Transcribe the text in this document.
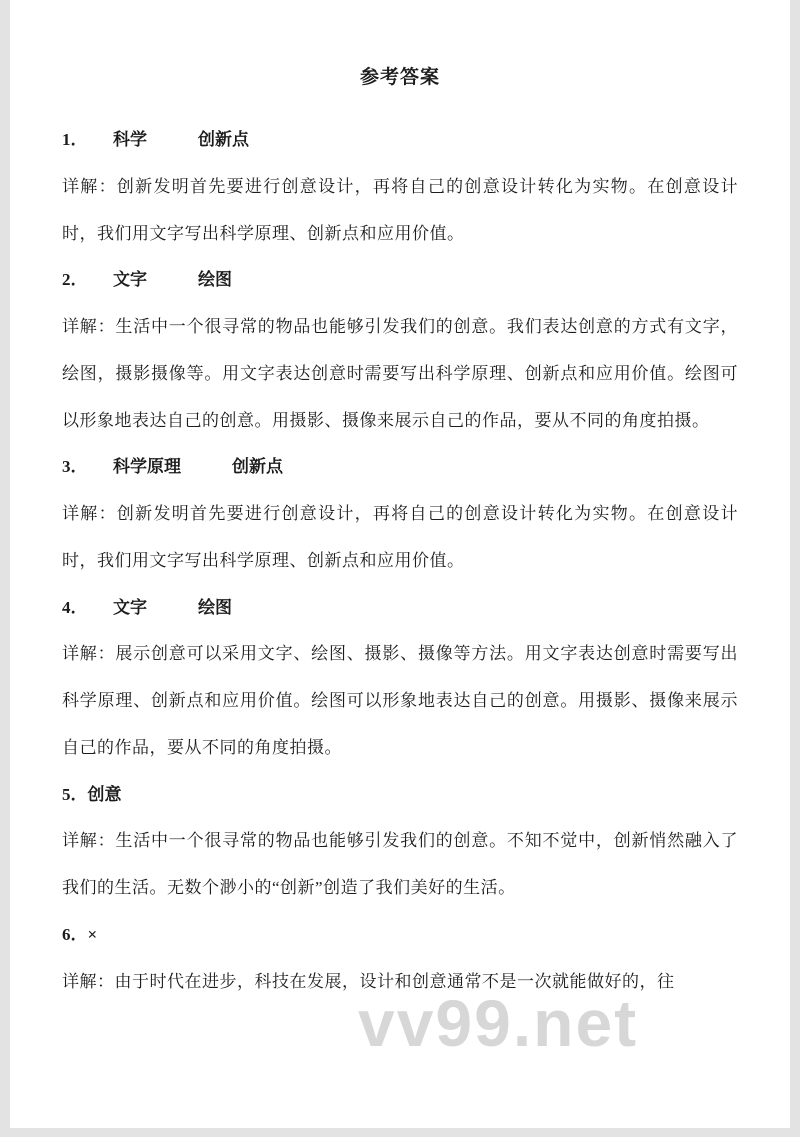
参考答案

1．　　科学　　　创新点

详解：创新发明首先要进行创意设计，再将自己的创意设计转化为实物。在创意设计时，我们用文字写出科学原理、创新点和应用价值。

2．　　文字　　　绘图

详解：生活中一个很寻常的物品也能够引发我们的创意。我们表达创意的方式有文字，绘图，摄影摄像等。用文字表达创意时需要写出科学原理、创新点和应用价值。绘图可以形象地表达自己的创意。用摄影、摄像来展示自己的作品，要从不同的角度拍摄。

3．　　科学原理　　　创新点

详解：创新发明首先要进行创意设计，再将自己的创意设计转化为实物。在创意设计时，我们用文字写出科学原理、创新点和应用价值。

4．　　文字　　　绘图

详解：展示创意可以采用文字、绘图、摄影、摄像等方法。用文字表达创意时需要写出科学原理、创新点和应用价值。绘图可以形象地表达自己的创意。用摄影、摄像来展示自己的作品，要从不同的角度拍摄。

5．创意

详解：生活中一个很寻常的物品也能够引发我们的创意。不知不觉中，创新悄然融入了我们的生活。无数个渺小的“创新”创造了我们美好的生活。

6．×

详解：由于时代在进步，科技在发展，设计和创意通常不是一次就能做好的，往

vv99.net
